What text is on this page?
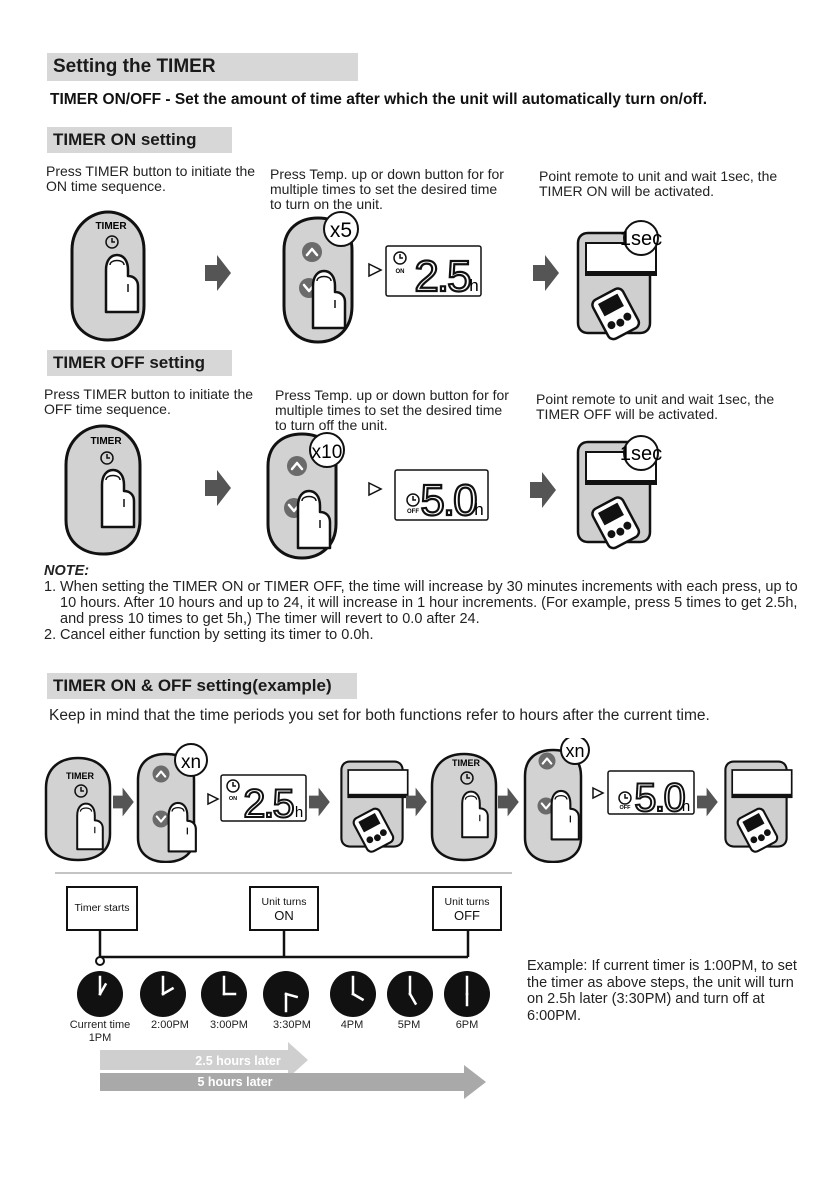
Setting the TIMER
TIMER ON/OFF - Set the amount of time after which the unit will automatically turn on/off.
TIMER ON setting
Press TIMER button to initiate the ON time sequence.
Press Temp. up or down button for for multiple times to set the desired time to turn on the unit.
Point remote to unit and wait 1sec, the TIMER ON will be activated.
TIMER	x5
ON 2.5 h
1sec
TIMER OFF setting
Press TIMER button to initiate the OFF time sequence.
Press Temp. up or down button for for multiple times to set the desired time to turn off the unit.
Point remote to unit and wait 1sec, the TIMER OFF will be activated.
TIMER
x10
OFF 5.0
h
1sec
NOTE:
1. When setting the TIMER ON or TIMER OFF, the time will increase by 30 minutes increments with each press, up to 10 hours. After 10 hours and up to 24, it will increase in 1 hour increments. (For example, press 5 times to get 2.5h, and press 10 times to get 5h,) The timer will revert to 0.0 after 24.
2. Cancel either function by setting its timer to 0.0h.
TIMER ON & OFF setting(example)
Keep in mind that the time periods you set for both functions refer to hours after the current time.
TIMER
xn
ON 2.5 h
TIMER
xn
OFF 5.0
h
2.5 hours later
5 hours later
Timer starts
Unit turns
ON
Unit turns
OFF
Current time 1PM
2:00PM	3:00PM	3:30PM	4PM	5PM	6PM
Example: If current timer is 1:00PM, to set the timer as above steps, the unit will turn on 2.5h later (3:30PM) and turn off at 6:00PM.
